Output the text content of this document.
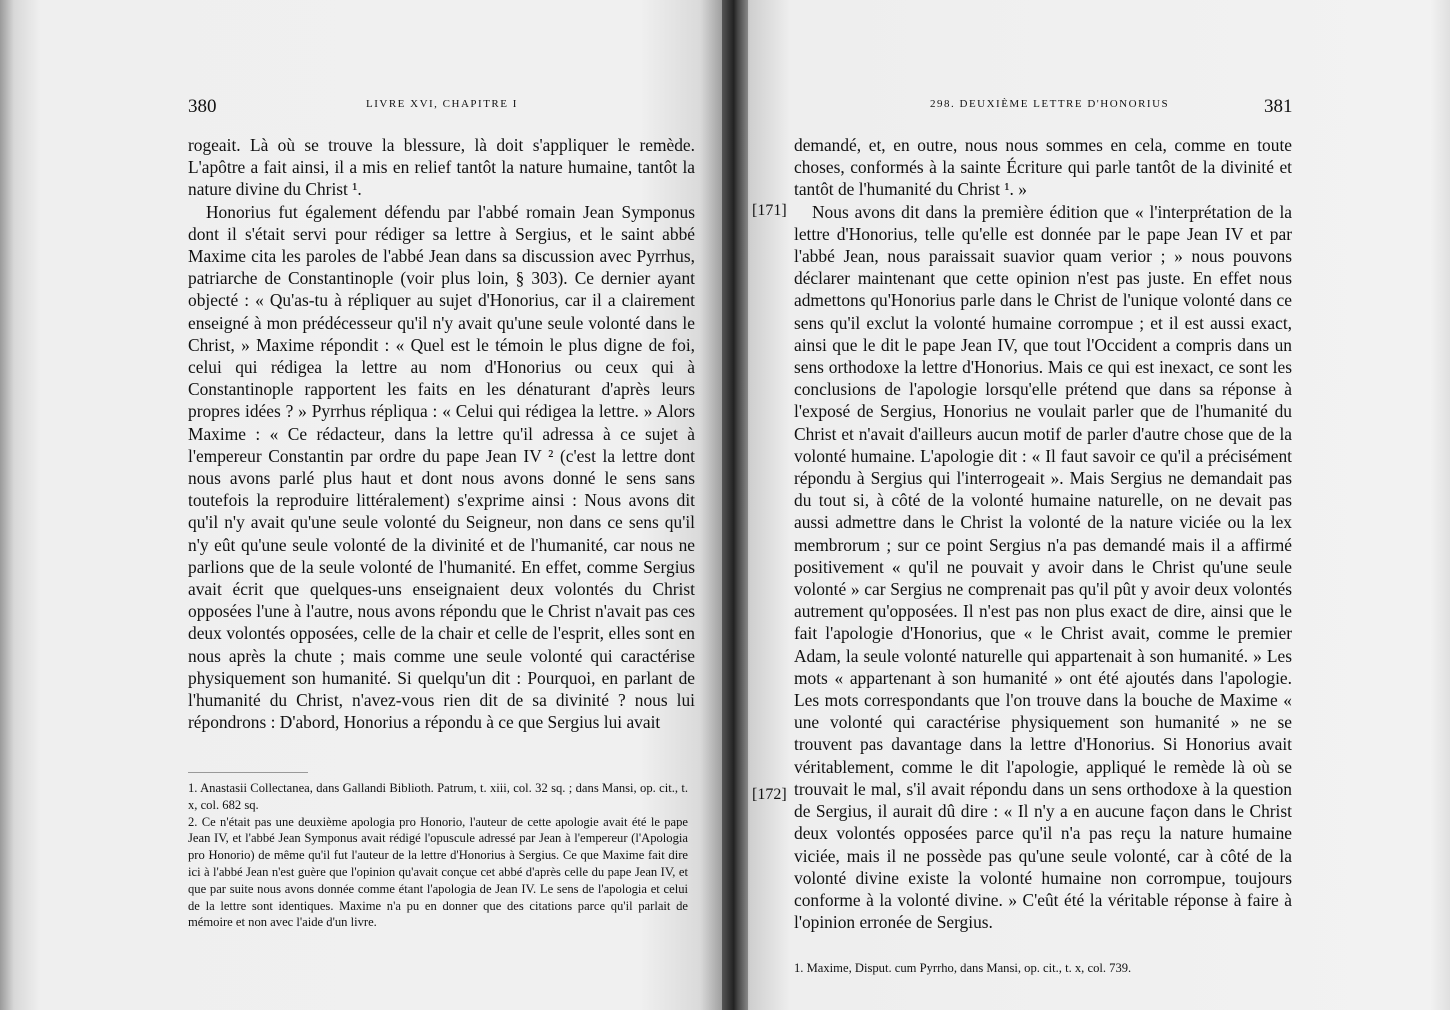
380	LIVRE XVI, CHAPITRE I

rogeait. Là où se trouve la blessure, là doit s'appliquer le remède. L'apôtre a fait ainsi, il a mis en relief tantôt la nature humaine, tantôt la nature divine du Christ ¹.

Honorius fut également défendu par l'abbé romain Jean Symponus dont il s'était servi pour rédiger sa lettre à Sergius, et le saint abbé Maxime cita les paroles de l'abbé Jean dans sa discussion avec Pyrrhus, patriarche de Constantinople (voir plus loin, § 303). Ce dernier ayant objecté : « Qu'as-tu à répliquer au sujet d'Honorius, car il a clairement enseigné à mon prédécesseur qu'il n'y avait qu'une seule volonté dans le Christ, » Maxime répondit : « Quel est le témoin le plus digne de foi, celui qui rédigea la lettre au nom d'Honorius ou ceux qui à Constantinople rapportent les faits en les dénaturant d'après leurs propres idées ? » Pyrrhus répliqua : « Celui qui rédigea la lettre. » Alors Maxime : « Ce rédacteur, dans la lettre qu'il adressa à ce sujet à l'empereur Constantin par ordre du pape Jean IV ² (c'est la lettre dont nous avons parlé plus haut et dont nous avons donné le sens sans toutefois la reproduire littéralement) s'exprime ainsi : Nous avons dit qu'il n'y avait qu'une seule volonté du Seigneur, non dans ce sens qu'il n'y eût qu'une seule volonté de la divinité et de l'humanité, car nous ne parlions que de la seule volonté de l'humanité. En effet, comme Sergius avait écrit que quelques-uns enseignaient deux volontés du Christ opposées l'une à l'autre, nous avons répondu que le Christ n'avait pas ces deux volontés opposées, celle de la chair et celle de l'esprit, elles sont en nous après la chute ; mais comme une seule volonté qui caractérise physiquement son humanité. Si quelqu'un dit : Pourquoi, en parlant de l'humanité du Christ, n'avez-vous rien dit de sa divinité ? nous lui répondrons : D'abord, Honorius a répondu à ce que Sergius lui avait

1. Anastasii Collectanea, dans Gallandi Biblioth. Patrum, t. xiii, col. 32 sq. ; dans Mansi, op. cit., t. x, col. 682 sq.

2. Ce n'était pas une deuxième apologia pro Honorio, l'auteur de cette apologie avait été le pape Jean IV, et l'abbé Jean Symponus avait rédigé l'opuscule adressé par Jean à l'empereur (l'Apologia pro Honorio) de même qu'il fut l'auteur de la lettre d'Honorius à Sergius. Ce que Maxime fait dire ici à l'abbé Jean n'est guère que l'opinion qu'avait conçue cet abbé d'après celle du pape Jean IV, et que par suite nous avons donnée comme étant l'apologia de Jean IV. Le sens de l'apologia et celui de la lettre sont identiques. Maxime n'a pu en donner que des citations parce qu'il parlait de mémoire et non avec l'aide d'un livre.

298. DEUXIÈME LETTRE D'HONORIUS	381
[171]
[172]

demandé, et, en outre, nous nous sommes en cela, comme en toute choses, conformés à la sainte Écriture qui parle tantôt de la divinité et tantôt de l'humanité du Christ ¹. »

Nous avons dit dans la première édition que « l'interprétation de la lettre d'Honorius, telle qu'elle est donnée par le pape Jean IV et par l'abbé Jean, nous paraissait suavior quam verior ; » nous pouvons déclarer maintenant que cette opinion n'est pas juste. En effet nous admettons qu'Honorius parle dans le Christ de l'unique volonté dans ce sens qu'il exclut la volonté humaine corrompue ; et il est aussi exact, ainsi que le dit le pape Jean IV, que tout l'Occident a compris dans un sens orthodoxe la lettre d'Honorius. Mais ce qui est inexact, ce sont les conclusions de l'apologie lorsqu'elle prétend que dans sa réponse à l'exposé de Sergius, Honorius ne voulait parler que de l'humanité du Christ et n'avait d'ailleurs aucun motif de parler d'autre chose que de la volonté humaine. L'apologie dit : « Il faut savoir ce qu'il a précisément répondu à Sergius qui l'interrogeait ». Mais Sergius ne demandait pas du tout si, à côté de la volonté humaine naturelle, on ne devait pas aussi admettre dans le Christ la volonté de la nature viciée ou la lex membrorum ; sur ce point Sergius n'a pas demandé mais il a affirmé positivement « qu'il ne pouvait y avoir dans le Christ qu'une seule volonté » car Sergius ne comprenait pas qu'il pût y avoir deux volontés autrement qu'opposées. Il n'est pas non plus exact de dire, ainsi que le fait l'apologie d'Honorius, que « le Christ avait, comme le premier Adam, la seule volonté naturelle qui appartenait à son humanité. » Les mots « appartenant à son humanité » ont été ajoutés dans l'apologie. Les mots correspondants que l'on trouve dans la bouche de Maxime « une volonté qui caractérise physiquement son humanité » ne se trouvent pas davantage dans la lettre d'Honorius. Si Honorius avait véritablement, comme le dit l'apologie, appliqué le remède là où se trouvait le mal, s'il avait répondu dans un sens orthodoxe à la question de Sergius, il aurait dû dire : « Il n'y a en aucune façon dans le Christ deux volontés opposées parce qu'il n'a pas reçu la nature humaine viciée, mais il ne possède pas qu'une seule volonté, car à côté de la volonté divine existe la volonté humaine non corrompue, toujours conforme à la volonté divine. » C'eût été la véritable réponse à faire à l'opinion erronée de Sergius.

1. Maxime, Disput. cum Pyrrho, dans Mansi, op. cit., t. x, col. 739.
